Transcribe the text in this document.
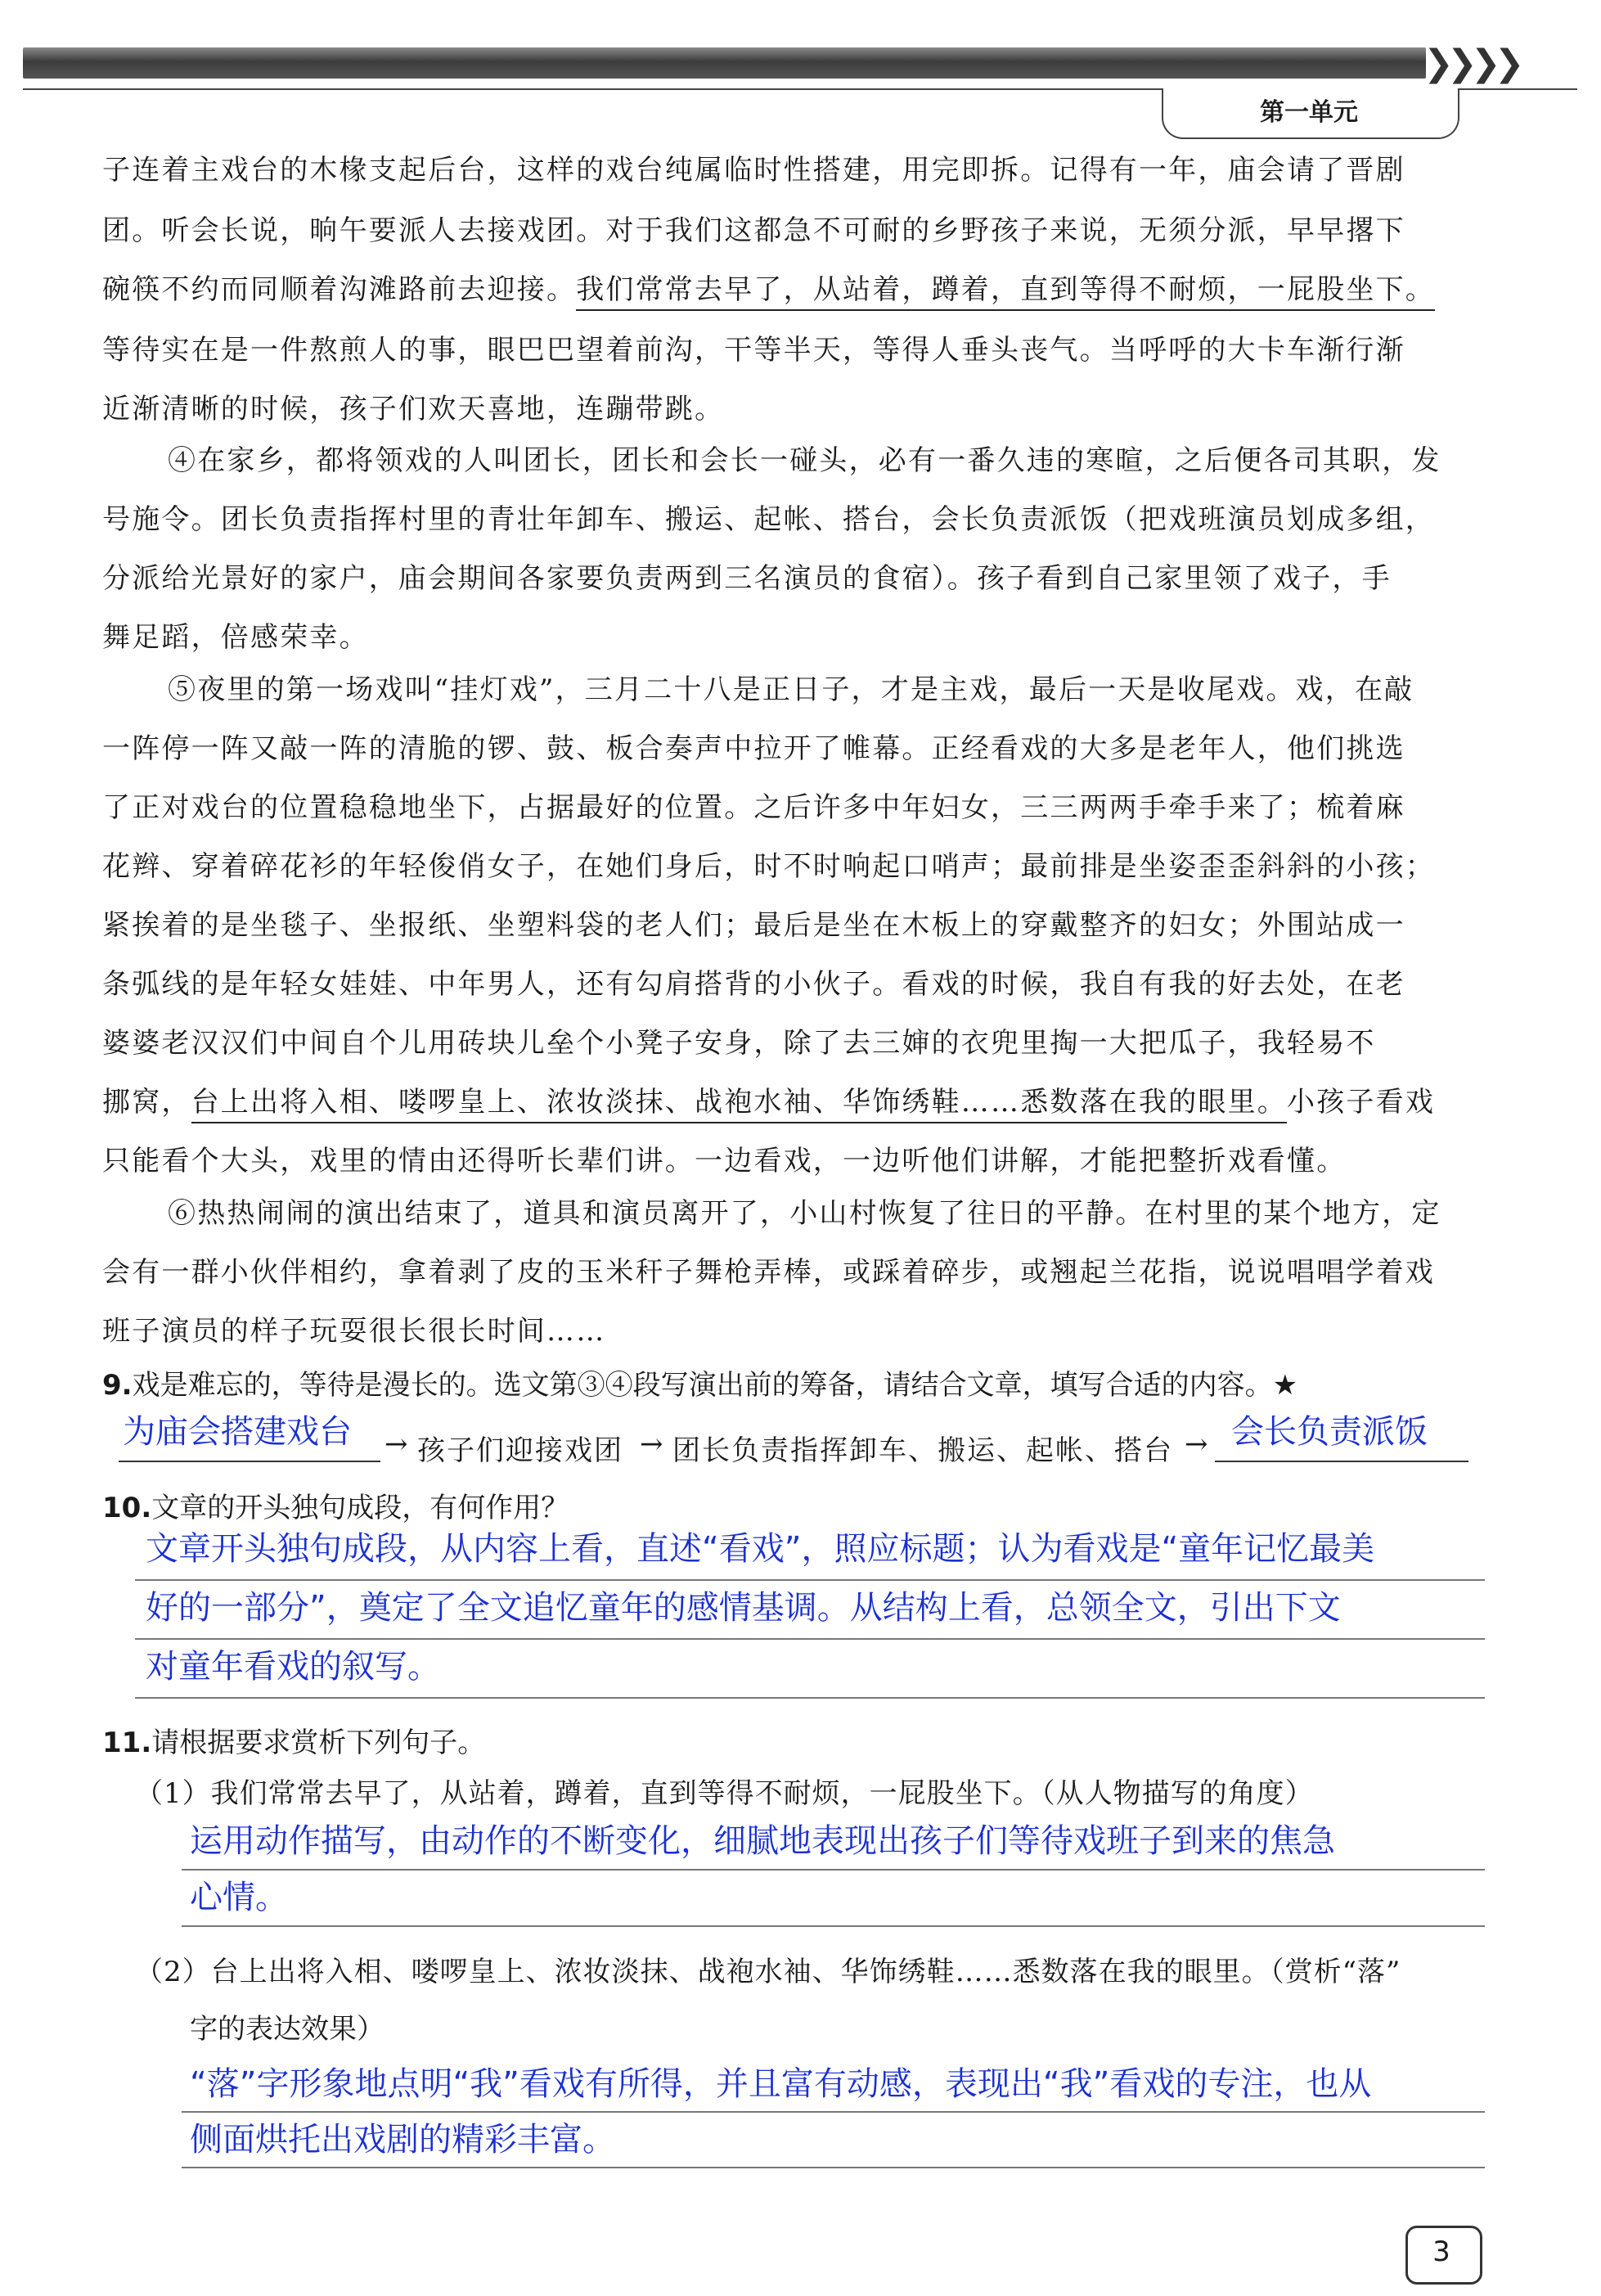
❯❯❯❯
第一单元
子连着主戏台的木椽支起后台，这样的戏台纯属临时性搭建，用完即拆。记得有一年，庙会请了晋剧
团。听会长说，晌午要派人去接戏团。对于我们这都急不可耐的乡野孩子来说，无须分派，早早撂下
碗筷不约而同顺着沟滩路前去迎接。我们常常去早了，从站着，蹲着，直到等得不耐烦，一屁股坐下。
等待实在是一件熬煎人的事，眼巴巴望着前沟，干等半天，等得人垂头丧气。当呼呼的大卡车渐行渐
近渐清晰的时候，孩子们欢天喜地，连蹦带跳。
④在家乡，都将领戏的人叫团长，团长和会长一碰头，必有一番久违的寒暄，之后便各司其职，发
号施令。团长负责指挥村里的青壮年卸车、搬运、起帐、搭台，会长负责派饭（把戏班演员划成多组，
分派给光景好的家户，庙会期间各家要负责两到三名演员的食宿）。孩子看到自己家里领了戏子，手
舞足蹈，倍感荣幸。
⑤夜里的第一场戏叫“挂灯戏”，三月二十八是正日子，才是主戏，最后一天是收尾戏。戏，在敲
一阵停一阵又敲一阵的清脆的锣、鼓、板合奏声中拉开了帷幕。正经看戏的大多是老年人，他们挑选
了正对戏台的位置稳稳地坐下，占据最好的位置。之后许多中年妇女，三三两两手牵手来了；梳着麻
花辫、穿着碎花衫的年轻俊俏女子，在她们身后，时不时响起口哨声；最前排是坐姿歪歪斜斜的小孩；
紧挨着的是坐毯子、坐报纸、坐塑料袋的老人们；最后是坐在木板上的穿戴整齐的妇女；外围站成一
条弧线的是年轻女娃娃、中年男人，还有勾肩搭背的小伙子。看戏的时候，我自有我的好去处，在老
婆婆老汉汉们中间自个儿用砖块儿垒个小凳子安身，除了去三婶的衣兜里掏一大把瓜子，我轻易不
挪窝，台上出将入相、喽啰皇上、浓妆淡抹、战袍水袖、华饰绣鞋……悉数落在我的眼里。小孩子看戏
只能看个大头，戏里的情由还得听长辈们讲。一边看戏，一边听他们讲解，才能把整折戏看懂。
⑥热热闹闹的演出结束了，道具和演员离开了，小山村恢复了往日的平静。在村里的某个地方，定
会有一群小伙伴相约，拿着剥了皮的玉米秆子舞枪弄棒，或踩着碎步，或翘起兰花指，说说唱唱学着戏
班子演员的样子玩耍很长很长时间……
9.戏是难忘的，等待是漫长的。选文第③④段写演出前的筹备，请结合文章，填写合适的内容。★
为庙会搭建戏台 → 孩子们迎接戏团 → 团长负责指挥卸车、搬运、起帐、搭台 → 会长负责派饭
10.文章的开头独句成段，有何作用？
文章开头独句成段，从内容上看，直述“看戏”，照应标题；认为看戏是“童年记忆最美
好的一部分”，奠定了全文追忆童年的感情基调。从结构上看，总领全文，引出下文
对童年看戏的叙写。
11.请根据要求赏析下列句子。
（1）我们常常去早了，从站着，蹲着，直到等得不耐烦，一屁股坐下。（从人物描写的角度）
运用动作描写，由动作的不断变化，细腻地表现出孩子们等待戏班子到来的焦急
心情。
（2）台上出将入相、喽啰皇上、浓妆淡抹、战袍水袖、华饰绣鞋……悉数落在我的眼里。（赏析“落”
字的表达效果）
“落”字形象地点明“我”看戏有所得，并且富有动感，表现出“我”看戏的专注，也从
侧面烘托出戏剧的精彩丰富。
3
